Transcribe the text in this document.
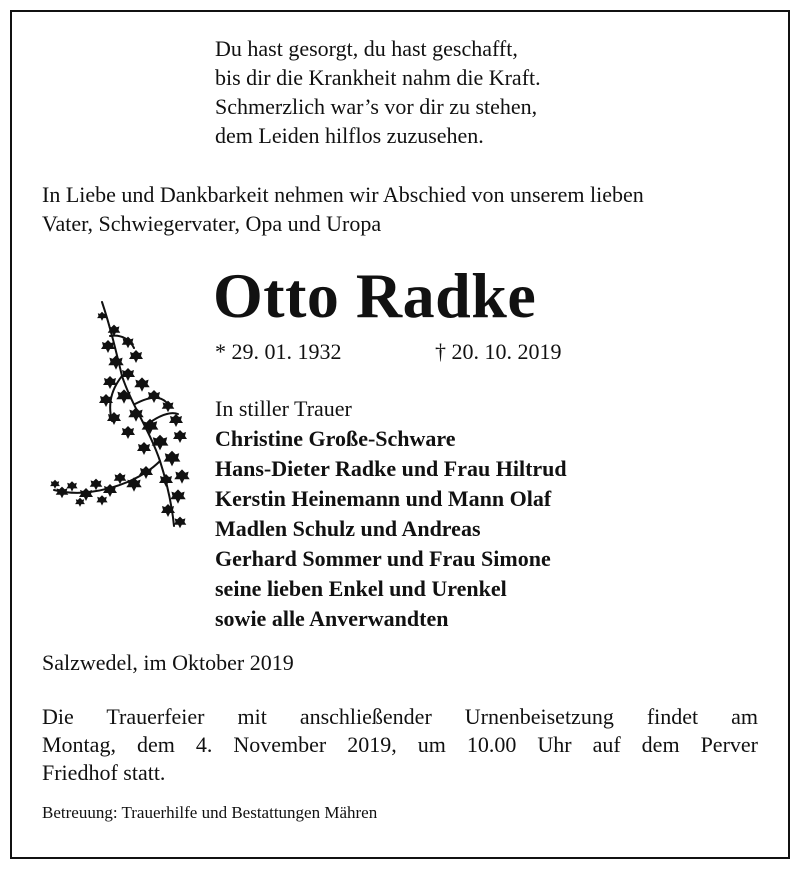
Du hast gesorgt, du hast geschafft,
bis dir die Krankheit nahm die Kraft.
Schmerzlich war’s vor dir zu stehen,
dem Leiden hilflos zuzusehen.
In Liebe und Dankbarkeit nehmen wir Abschied von unserem lieben
Vater, Schwiegervater, Opa und Uropa
Otto Radke
* 29. 01. 1932	† 20. 10. 2019
In stiller Trauer
Christine Große-Schware
Hans-Dieter Radke und Frau Hiltrud
Kerstin Heinemann und Mann Olaf
Madlen Schulz und Andreas
Gerhard Sommer und Frau Simone
seine lieben Enkel und Urenkel
sowie alle Anverwandten
Salzwedel, im Oktober 2019
Die Trauerfeier mit anschließender Urnenbeisetzung findet am
Montag, dem 4. November 2019, um 10.00 Uhr auf dem Perver
Friedhof statt.
Betreuung: Trauerhilfe und Bestattungen Mähren
